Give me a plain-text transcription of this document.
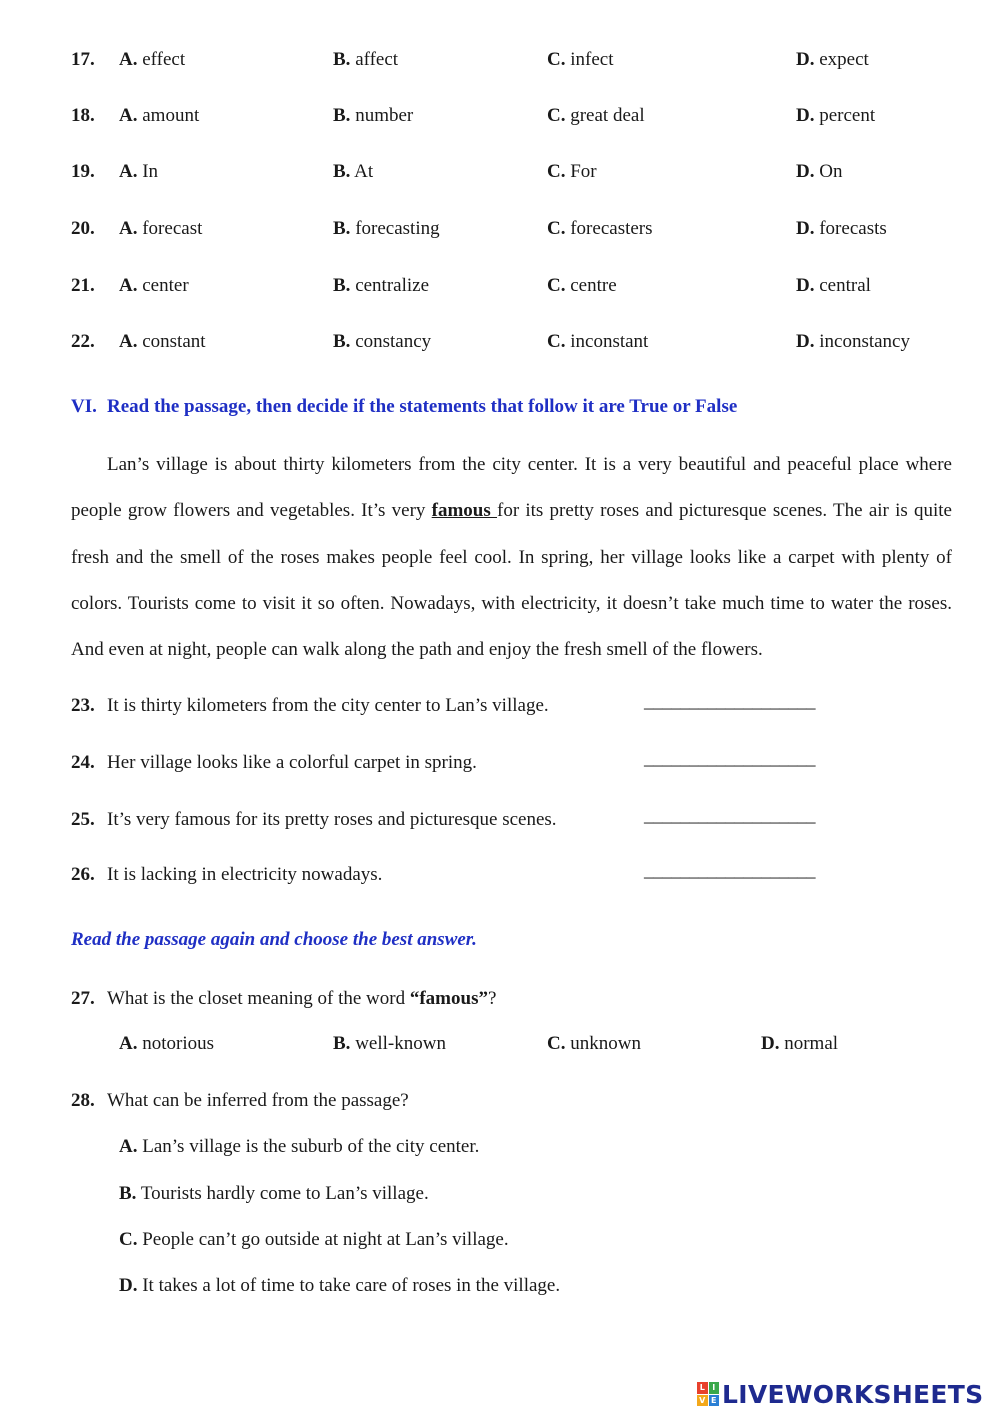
17. A. effect	B. affect	C. infect	D. expect
18. A. amount	B. number	C. great deal	D. percent
19. A. In	B. At	C. For	D. On
20. A. forecast	B. forecasting	C. forecasters	D. forecasts
21. A. center	B. centralize	C. centre	D. central
22. A. constant	B. constancy	C. inconstant	D. inconstancy
VI. Read the passage, then decide if the statements that follow it are True or False
Lan’s village is about thirty kilometers from the city center. It is a very beautiful and peaceful place where people grow flowers and vegetables. It’s very famous for its pretty roses and picturesque scenes. The air is quite fresh and the smell of the roses makes people feel cool. In spring, her village looks like a carpet with plenty of colors. Tourists come to visit it so often. Nowadays, with electricity, it doesn’t take much time to water the roses. And even at night, people can walk along the path and enjoy the fresh smell of the flowers.
23. It is thirty kilometers from the city center to Lan’s village.	___________________
24. Her village looks like a colorful carpet in spring.	___________________
25. It’s very famous for its pretty roses and picturesque scenes.	___________________
26. It is lacking in electricity nowadays.	___________________
Read the passage again and choose the best answer.
27. What is the closet meaning of the word “famous”?
A. notorious	B. well-known	C. unknown	D. normal
28. What can be inferred from the passage?
A. Lan’s village is the suburb of the city center.
B. Tourists hardly come to Lan’s village.
C. People can’t go outside at night at Lan’s village.
D. It takes a lot of time to take care of roses in the village.
L I
V E LIVEWORKSHEETS
